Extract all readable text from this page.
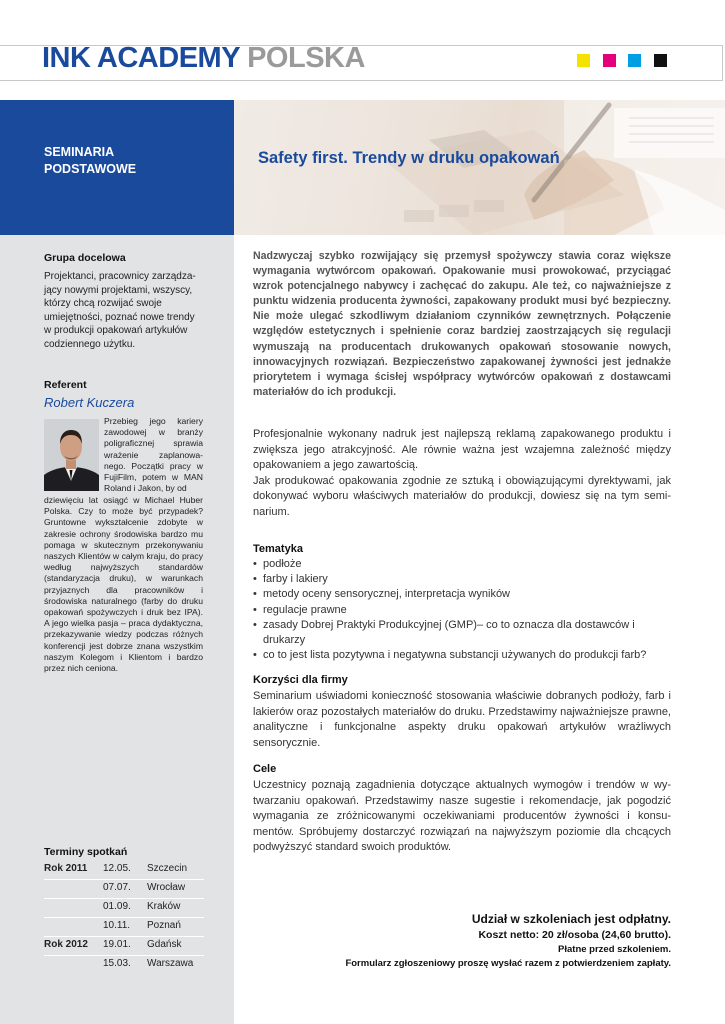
INK ACADEMY POLSKA
SEMINARIA
PODSTAWOWE
Safety first. Trendy w druku opakowań
Grupa docelowa
Projektanci, pracownicy zarządzający nowymi projektami, wszyscy, którzy chcą rozwijać swoje umiejętności, poznać nowe trendy w produkcji opakowań artykułów codziennego użytku.
Referent
Robert Kuczera
Przebieg jego kariery zawodowej w branży poligraficznej sprawia wrażenie zaplanowanego. Początki pracy w FujiFilm, potem w MAN Roland i Jakon, by od
dziewięciu lat osiągć w Michael Huber Polska. Czy to może być przypadek? Gruntowne wykształcenie zdobyte w zakresie ochrony środowiska bardzo mu pomaga w skutecznym przekonywaniu naszych Klientów w całym kraju, do pracy według najwyższych standardów (standaryzacja druku), w warunkach przyjaznych dla pracowników i środowiska naturalnego (farby do druku opakowań spożywczych i druk bez IPA). A jego wielka pasja – praca dydaktyczna, przekazywanie wiedzy podczas różnych konferencji jest dobrze znana wszystkim naszym Kolegom i Klientom i bardzo przez nich ceniona.
Terminy spotkań
Rok 2011 12.05. Szczecin
07.07. Wrocław
01.09. Kraków
10.11. Poznań
Rok 2012 19.01. Gdańsk
15.03. Warszawa
Nadzwyczaj szybko rozwijający się przemysł spożywczy stawia coraz większe wymagania wytwórcom opakowań. Opakowanie musi prowokować, przyciągać wzrok potencjalnego nabywcy i zachęcać do zakupu. Ale też, co najważniejsze z punktu widzenia producenta żywności, zapakowany produkt musi być bezpieczny. Nie może ulegać szkodliwym działaniom czynników zewnętrznych. Połączenie względów estetycznych i spełnienie coraz bardziej zaostrzających się regulacji wymuszają na producentach drukowanych opakowań stosowanie nowych, innowacyjnych rozwiązań. Bezpieczeństwo zapakowanej żywności jest jednakże priorytetem i wymaga ścisłej współpracy wytwórców opakowań z dostawcami materiałów do ich produkcji.
Profesjonalnie wykonany nadruk jest najlepszą reklamą zapakowanego produktu i zwiększa jego atrakcyjność. Ale równie ważna jest wzajemna zależność między opakowaniem a jego zawartością.
Jak produkować opakowania zgodnie ze sztuką i obowiązującymi dyrektywami, jak dokonywać wyboru właściwych materiałów do produkcji, dowiesz się na tym seminarium.
Tematyka
• podłoże
• farby i lakiery
• metody oceny sensorycznej, interpretacja wyników
• regulacje prawne
• zasady Dobrej Praktyki Produkcyjnej (GMP)– co to oznacza dla dostawców i drukarzy
• co to jest lista pozytywna i negatywna substancji używanych do produkcji farb?
Korzyści dla firmy
Seminarium uświadomi konieczność stosowania właściwie dobranych podłoży, farb i lakierów oraz pozostałych materiałów do druku. Przedstawimy najważniejsze prawne, analityczne i funkcjonalne aspekty druku opakowań artykułów wrażliwych sensorycznie.
Cele
Uczestnicy poznają zagadnienia dotyczące aktualnych wymogów i trendów w wytwarzaniu opakowań. Przedstawimy nasze sugestie i rekomendacje, jak pogodzić wymagania ze zróżnicowanymi oczekiwaniami producentów żywności i konsumentów. Spróbujemy dostarczyć rozwiązań na najwyższym poziomie dla chcących podwyższyć standard swoich produktów.
Udział w szkoleniach jest odpłatny.
Koszt netto: 20 zł/osoba (24,60 brutto).
Płatne przed szkoleniem.
Formularz zgłoszeniowy proszę wysłać razem z potwierdzeniem zapłaty.
